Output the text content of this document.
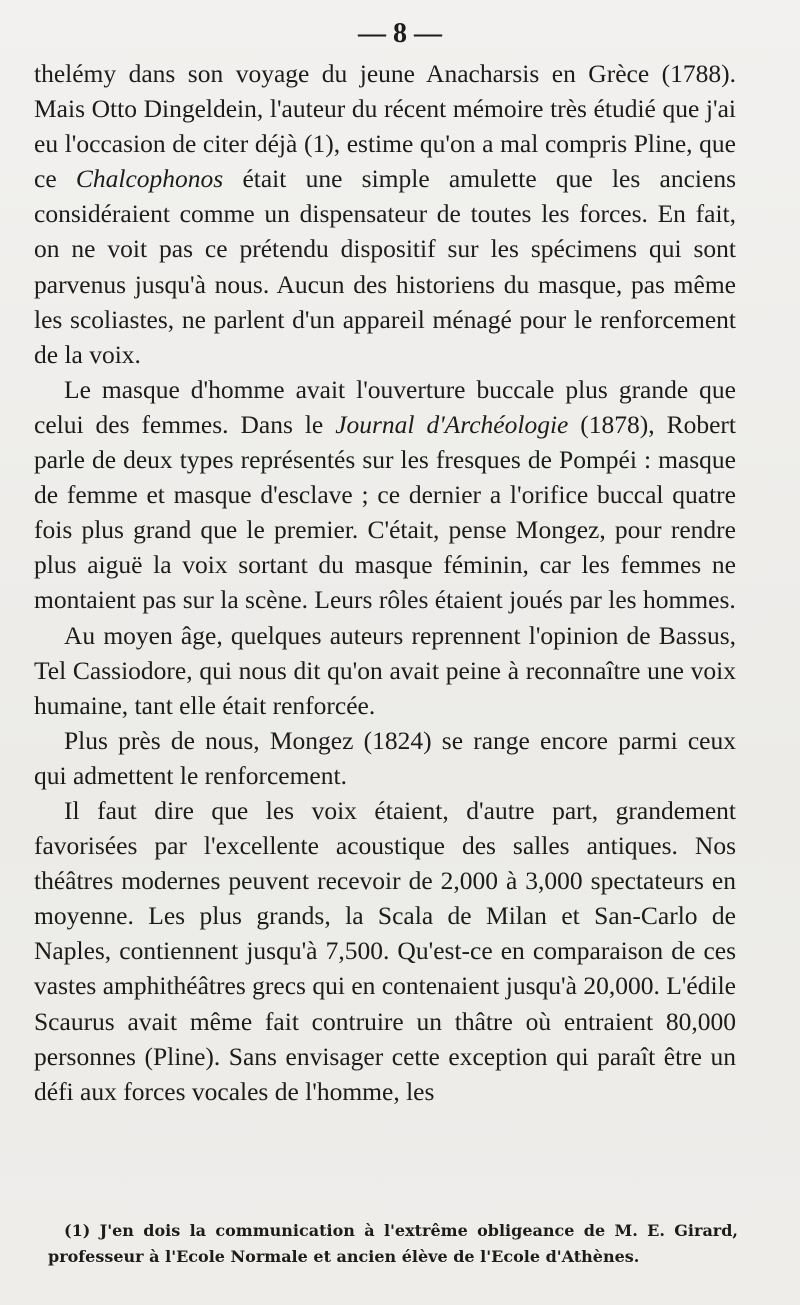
— 8 —

thelémy dans son voyage du jeune Anacharsis en Grèce (1788). Mais Otto Dingeldein, l'auteur du récent mémoire très étudié que j'ai eu l'occasion de citer déjà (1), estime qu'on a mal compris Pline, que ce Chalcophonos était une simple amulette que les anciens considéraient comme un dispensateur de toutes les forces. En fait, on ne voit pas ce prétendu dispositif sur les spécimens qui sont parvenus jusqu'à nous. Aucun des historiens du masque, pas même les scoliastes, ne parlent d'un appareil ménagé pour le renforcement de la voix.

Le masque d'homme avait l'ouverture buccale plus grande que celui des femmes. Dans le Journal d'Archéologie (1878), Robert parle de deux types représentés sur les fresques de Pompéi : masque de femme et masque d'esclave ; ce dernier a l'orifice buccal quatre fois plus grand que le premier. C'était, pense Mongez, pour rendre plus aiguë la voix sortant du masque féminin, car les femmes ne montaient pas sur la scène. Leurs rôles étaient joués par les hommes.

Au moyen âge, quelques auteurs reprennent l'opinion de Bassus, Tel Cassiodore, qui nous dit qu'on avait peine à reconnaître une voix humaine, tant elle était renforcée.

Plus près de nous, Mongez (1824) se range encore parmi ceux qui admettent le renforcement.

Il faut dire que les voix étaient, d'autre part, grandement favorisées par l'excellente acoustique des salles antiques. Nos théâtres modernes peuvent recevoir de 2,000 à 3,000 spectateurs en moyenne. Les plus grands, la Scala de Milan et San-Carlo de Naples, contiennent jusqu'à 7,500. Qu'est-ce en comparaison de ces vastes amphithéâtres grecs qui en contenaient jusqu'à 20,000. L'édile Scaurus avait même fait contruire un thâtre où entraient 80,000 personnes (Pline). Sans envisager cette exception qui paraît être un défi aux forces vocales de l'homme, les

(1) J'en dois la communication à l'extrême obligeance de M. E. Girard, professeur à l'Ecole Normale et ancien élève de l'Ecole d'Athènes.
